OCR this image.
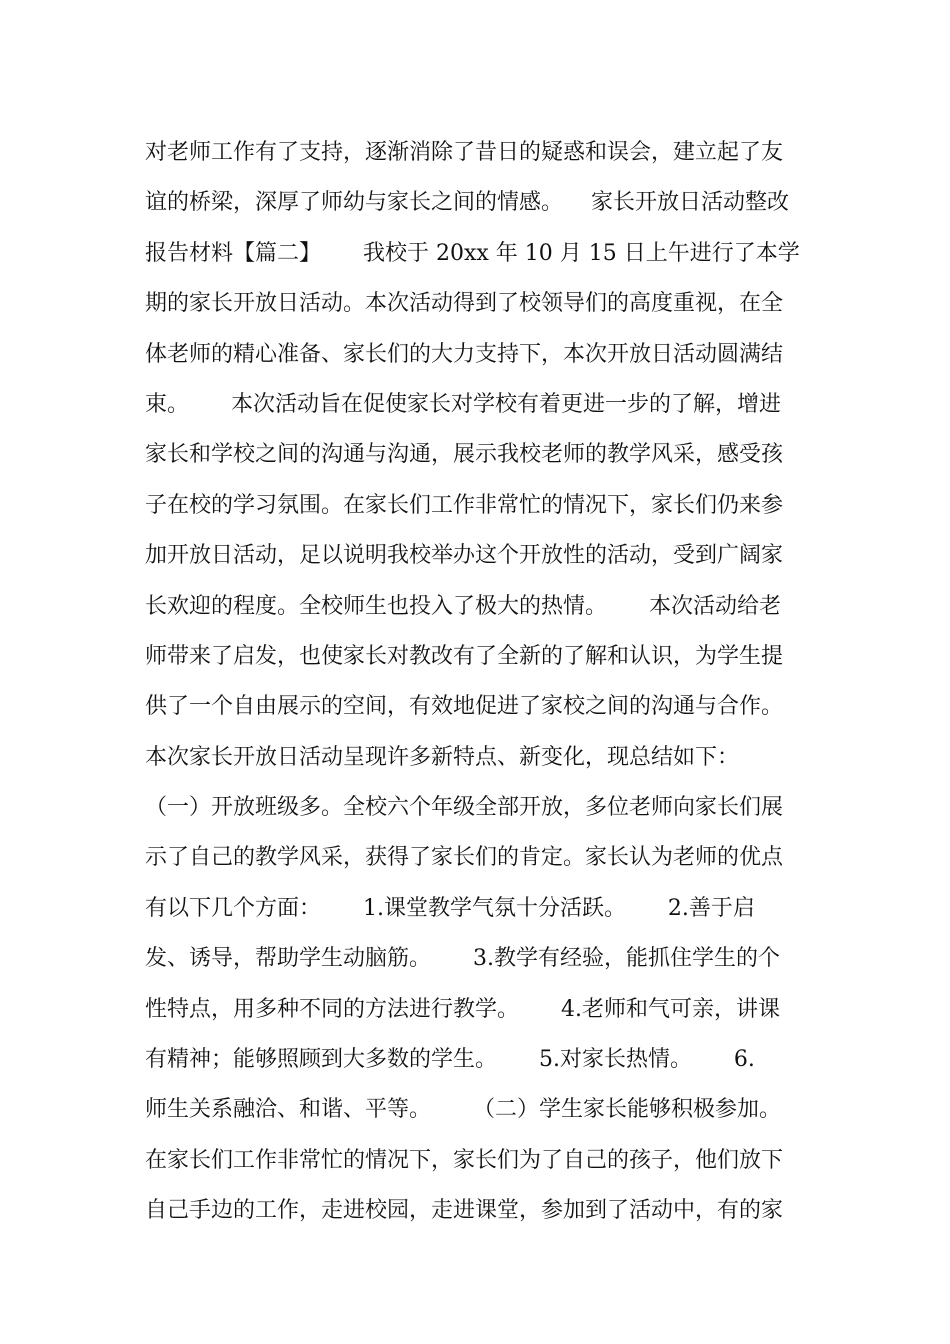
对老师工作有了支持，逐渐消除了昔日的疑惑和误会，建立起了友
谊的桥梁，深厚了师幼与家长之间的情感。    家长开放日活动整改
报告材料【篇二】      我校于 20xx 年 10 月 15 日上午进行了本学
期的家长开放日活动。本次活动得到了校领导们的高度重视，在全
体老师的精心准备、家长们的大力支持下，本次开放日活动圆满结
束。      本次活动旨在促使家长对学校有着更进一步的了解，增进
家长和学校之间的沟通与沟通，展示我校老师的教学风采，感受孩
子在校的学习氛围。在家长们工作非常忙的情况下，家长们仍来参
加开放日活动，足以说明我校举办这个开放性的活动，受到广阔家
长欢迎的程度。全校师生也投入了极大的热情。      本次活动给老
师带来了启发，也使家长对教改有了全新的了解和认识，为学生提
供了一个自由展示的空间，有效地促进了家校之间的沟通与合作。
本次家长开放日活动呈现许多新特点、新变化，现总结如下：
（一）开放班级多。全校六个年级全部开放，多位老师向家长们展
示了自己的教学风采，获得了家长们的肯定。家长认为老师的优点
有以下几个方面：      1.课堂教学气氛十分活跃。      2.善于启
发、诱导，帮助学生动脑筋。      3.教学有经验，能抓住学生的个
性特点，用多种不同的方法进行教学。      4.老师和气可亲，讲课
有精神；能够照顾到大多数的学生。      5.对家长热情。      6.
师生关系融洽、和谐、平等。      （二）学生家长能够积极参加。
在家长们工作非常忙的情况下，家长们为了自己的孩子，他们放下
自己手边的工作，走进校园，走进课堂，参加到了活动中，有的家
